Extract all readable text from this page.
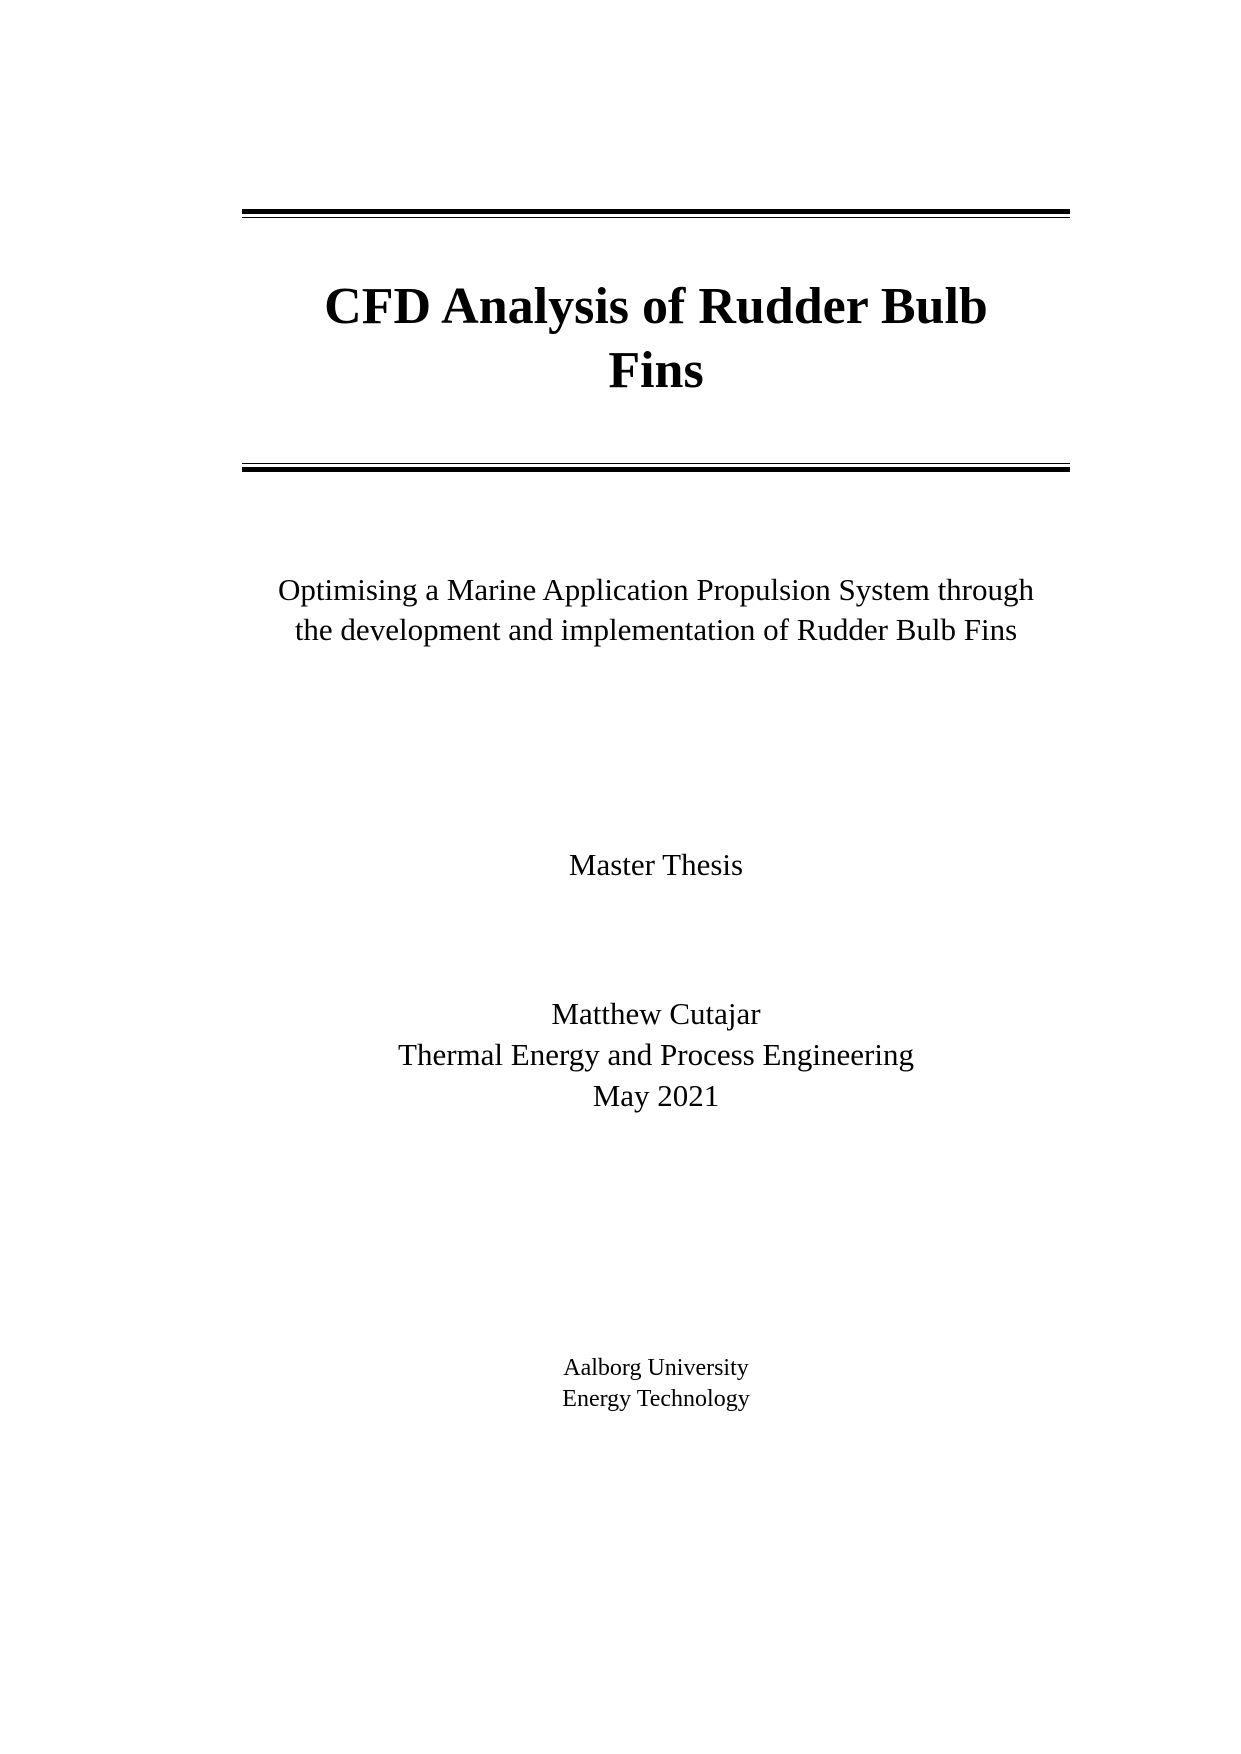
CFD Analysis of Rudder Bulb
Fins

Optimising a Marine Application Propulsion System through
the development and implementation of Rudder Bulb Fins

Master Thesis

Matthew Cutajar
Thermal Energy and Process Engineering
May 2021
Aalborg University
Energy Technology
